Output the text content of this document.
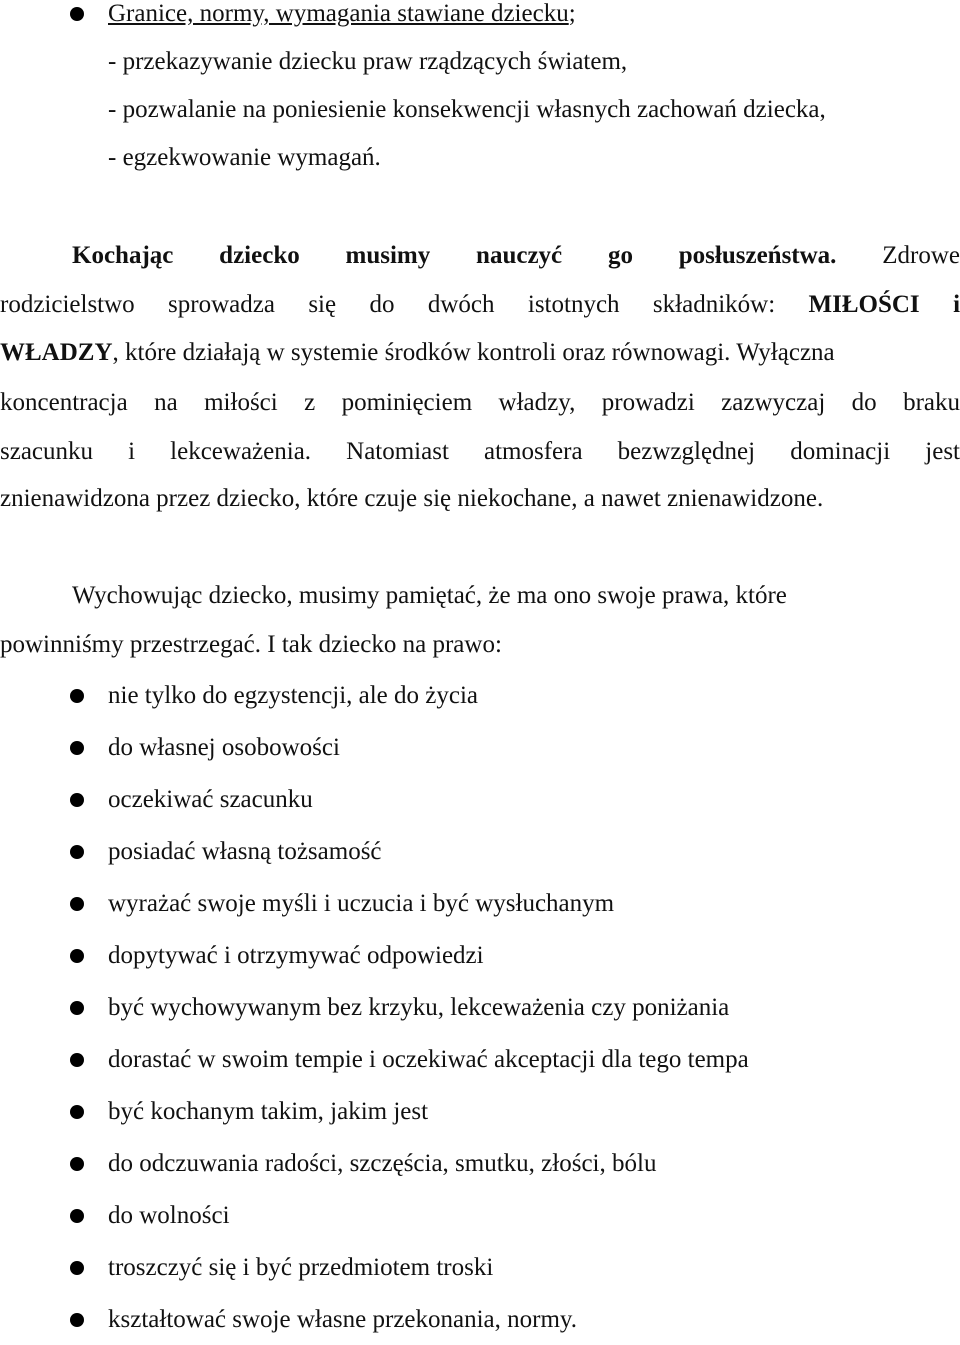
Granice, normy, wymagania stawiane dziecku;
- przekazywanie dziecku praw rządzących światem,
- pozwalanie na poniesienie konsekwencji własnych zachowań dziecka,
- egzekwowanie wymagań.
Kochając dziecko musimy nauczyć go posłuszeństwa. Zdrowe
rodzicielstwo sprowadza się do dwóch istotnych składników: MIŁOŚCI i
WŁADZY, które działają w systemie środków kontroli oraz równowagi. Wyłączna
koncentracja na miłości z pominięciem władzy, prowadzi zazwyczaj do braku
szacunku i lekceważenia. Natomiast atmosfera bezwzględnej dominacji jest
znienawidzona przez dziecko, które czuje się niekochane, a nawet znienawidzone.
Wychowując dziecko, musimy pamiętać, że ma ono swoje prawa, które
powinniśmy przestrzegać. I tak dziecko na prawo:
nie tylko do egzystencji, ale do życia
do własnej osobowości
oczekiwać szacunku
posiadać własną tożsamość
wyrażać swoje myśli i uczucia i być wysłuchanym
dopytywać i otrzymywać odpowiedzi
być wychowywanym bez krzyku, lekceważenia czy poniżania
dorastać w swoim tempie i oczekiwać akceptacji dla tego tempa
być kochanym takim, jakim jest
do odczuwania radości, szczęścia, smutku, złości, bólu
do wolności
troszczyć się i być przedmiotem troski
kształtować swoje własne przekonania, normy.
